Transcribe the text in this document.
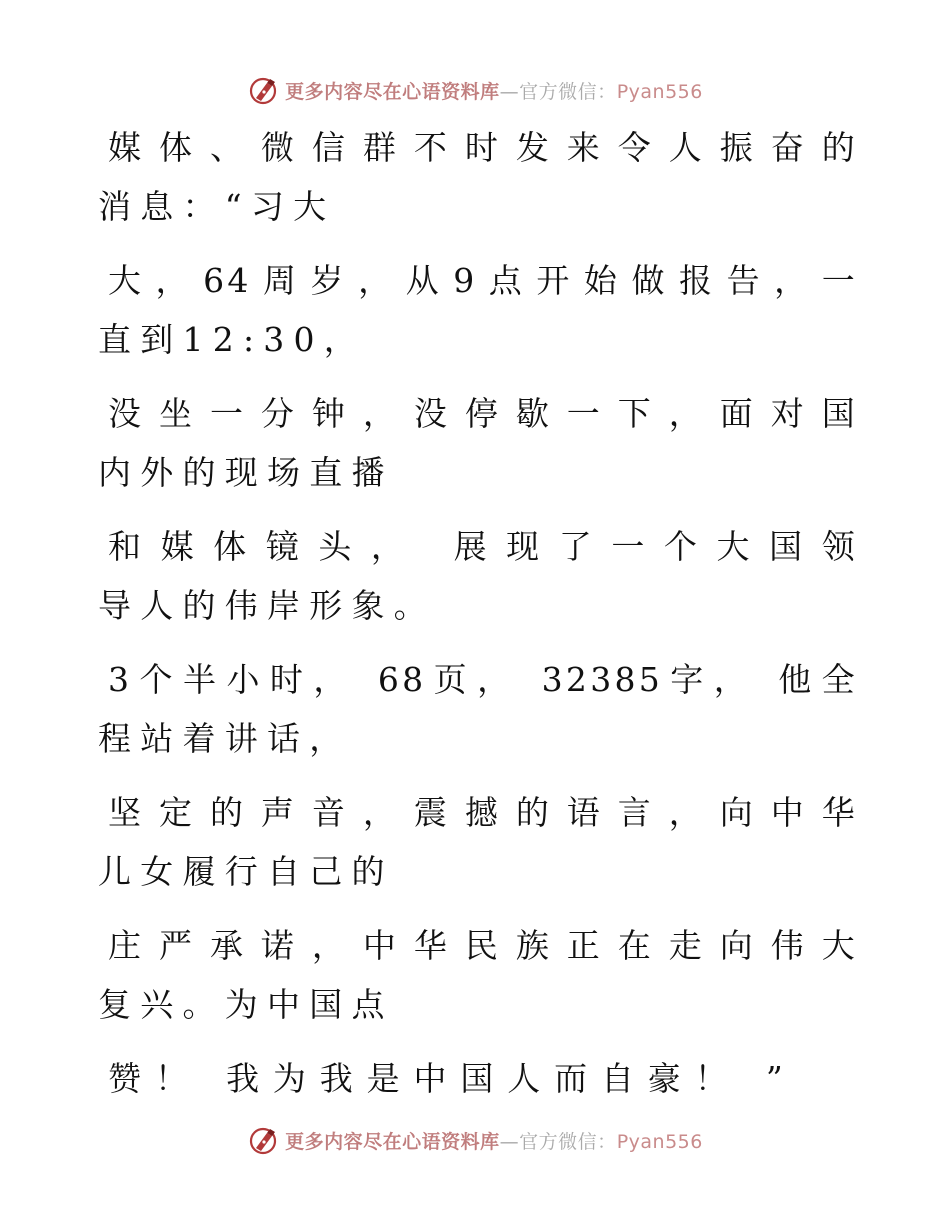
更多内容尽在心语资料库—官方微信：Pyan556
媒体、微信群不时发来令人振奋的
消息：“习大
大，64周岁，从9点开始做报告，一
直到12:30，
没坐一分钟，没停歇一下，面对国
内外的现场直播
和媒体镜头， 展现了一个大国领
导人的伟岸形象。
3个半小时， 68页， 32385字， 他全
程站着讲话，
坚定的声音，震撼的语言，向中华
儿女履行自己的
庄严承诺，中华民族正在走向伟大
复兴。为中国点
赞！ 我为我是中国人而自豪！ ”
更多内容尽在心语资料库—官方微信：Pyan556
